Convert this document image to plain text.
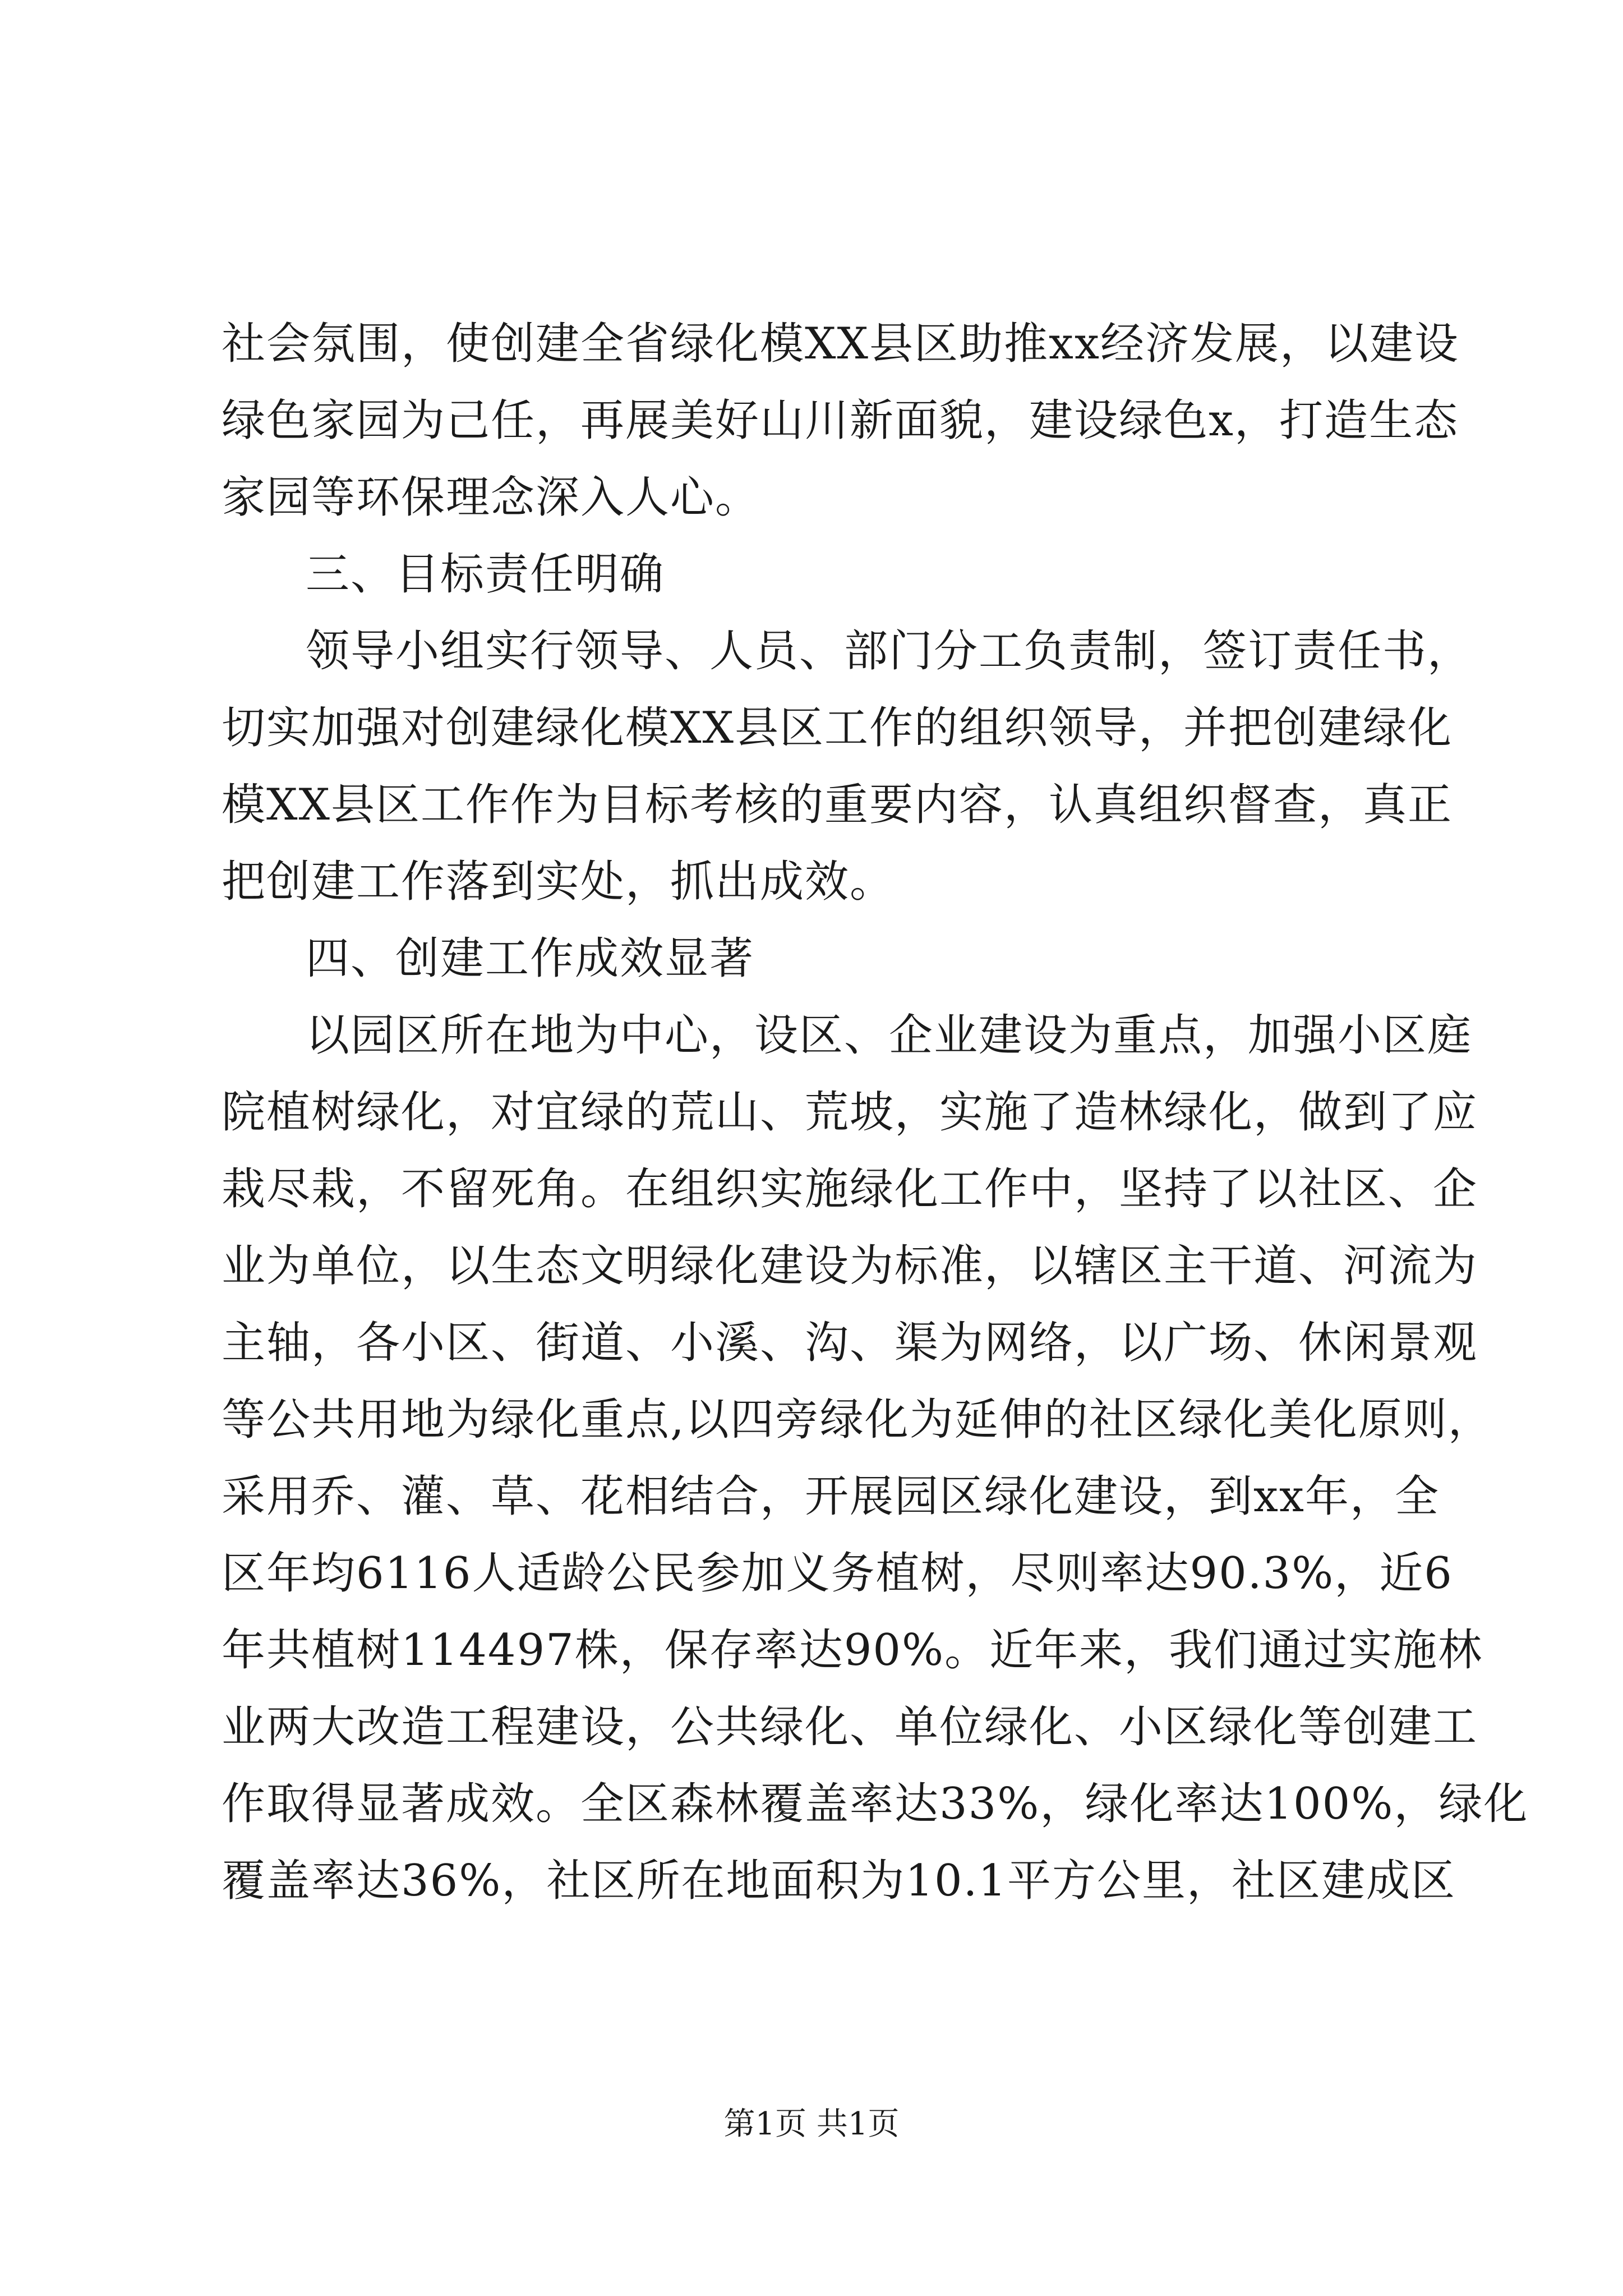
社会氛围，使创建全省绿化模XX县区助推xx经济发展，以建设
绿色家园为己任，再展美好山川新面貌，建设绿色x，打造生态
家园等环保理念深入人心。
三、目标责任明确
领导小组实行领导、人员、部门分工负责制，签订责任书，
切实加强对创建绿化模XX县区工作的组织领导，并把创建绿化
模XX县区工作作为目标考核的重要内容，认真组织督查，真正
把创建工作落到实处，抓出成效。
四、创建工作成效显著
以园区所在地为中心，设区、企业建设为重点，加强小区庭
院植树绿化，对宜绿的荒山、荒坡，实施了造林绿化，做到了应
栽尽栽，不留死角。在组织实施绿化工作中，坚持了以社区、企
业为单位，以生态文明绿化建设为标准，以辖区主干道、河流为
主轴，各小区、街道、小溪、沟、渠为网络，以广场、休闲景观
等公共用地为绿化重点,以四旁绿化为延伸的社区绿化美化原则，
采用乔、灌、草、花相结合，开展园区绿化建设，到xx年，全
区年均6116人适龄公民参加义务植树，尽则率达90.3%，近6
年共植树114497株，保存率达90%。近年来，我们通过实施林
业两大改造工程建设，公共绿化、单位绿化、小区绿化等创建工
作取得显著成效。全区森林覆盖率达33%，绿化率达100%，绿化
覆盖率达36%，社区所在地面积为10.1平方公里，社区建成区
第1页 共1页
